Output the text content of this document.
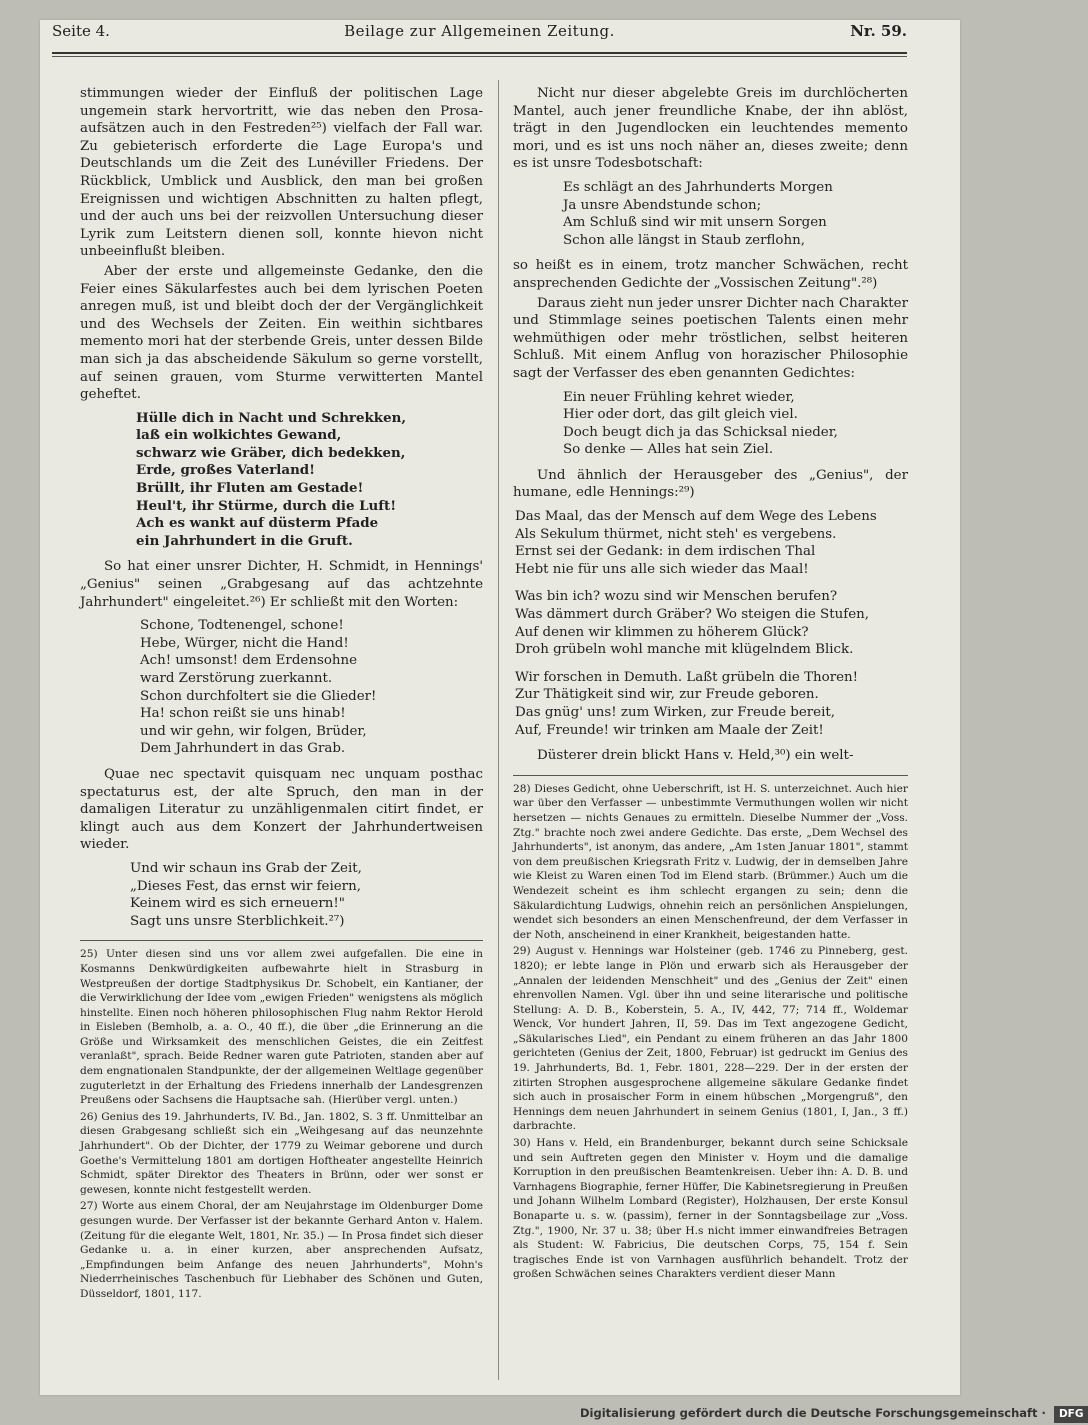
Seite 4.	Beilage zur Allgemeinen Zeitung.	Nr. 59.

stimmungen wieder der Einfluß der politischen Lage ungemein stark hervortritt, wie das neben den Prosa-aufsätzen auch in den Festreden²⁵) vielfach der Fall war. Zu gebieterisch erforderte die Lage Europa's und Deutschlands um die Zeit des Lunéviller Friedens. Der Rückblick, Umblick und Ausblick, den man bei großen Ereignissen und wichtigen Abschnitten zu halten pflegt, und der auch uns bei der reizvollen Untersuchung dieser Lyrik zum Leitstern dienen soll, konnte hievon nicht unbeeinflußt bleiben.

Aber der erste und allgemeinste Gedanke, den die Feier eines Säkularfestes auch bei dem lyrischen Poeten anregen muß, ist und bleibt doch der der Vergänglichkeit und des Wechsels der Zeiten. Ein weithin sichtbares memento mori hat der sterbende Greis, unter dessen Bilde man sich ja das abscheidende Säkulum so gerne vorstellt, auf seinen grauen, vom Sturme verwitterten Mantel geheftet.

Hülle dich in Nacht und Schrekken,
laß ein wolkichtes Gewand,
schwarz wie Gräber, dich bedekken,
Erde, großes Vaterland!
Brüllt, ihr Fluten am Gestade!
Heul't, ihr Stürme, durch die Luft!
Ach es wankt auf düsterm Pfade
ein Jahrhundert in die Gruft.

So hat einer unsrer Dichter, H. Schmidt, in Hennings' „Genius" seinen „Grabgesang auf das achtzehnte Jahrhundert" eingeleitet.²⁶) Er schließt mit den Worten:

Schone, Todtenengel, schone!
Hebe, Würger, nicht die Hand!
Ach! umsonst! dem Erdensohne
ward Zerstörung zuerkannt.
Schon durchfoltert sie die Glieder!
Ha! schon reißt sie uns hinab!
und wir gehn, wir folgen, Brüder,
Dem Jahrhundert in das Grab.

Quae nec spectavit quisquam nec unquam posthac spectaturus est, der alte Spruch, den man in der damaligen Literatur zu unzähligenmalen citirt findet, er klingt auch aus dem Konzert der Jahrhundertweisen wieder.

Und wir schaun ins Grab der Zeit,
„Dieses Fest, das ernst wir feiern,
Keinem wird es sich erneuern!"
Sagt uns unsre Sterblichkeit.²⁷)

25) Unter diesen sind uns vor allem zwei aufgefallen. Die eine in Kosmanns Denkwürdigkeiten aufbewahrte hielt in Strasburg in Westpreußen der dortige Stadtphysikus Dr. Schobelt, ein Kantianer, der die Verwirklichung der Idee vom „ewigen Frieden" wenigstens als möglich hinstellte. Einen noch höheren philosophischen Flug nahm Rektor Herold in Eisleben (Bemholb, a. a. O., 40 ff.), die über „die Erinnerung an die Größe und Wirksamkeit des menschlichen Geistes, die ein Zeitfest veranlaßt", sprach. Beide Redner waren gute Patrioten, standen aber auf dem engnationalen Standpunkte, der der allgemeinen Weltlage gegenüber zuguterletzt in der Erhaltung des Friedens innerhalb der Landesgrenzen Preußens oder Sachsens die Hauptsache sah. (Hierüber vergl. unten.)

26) Genius des 19. Jahrhunderts, IV. Bd., Jan. 1802, S. 3 ff. Unmittelbar an diesen Grabgesang schließt sich ein „Weihgesang auf das neunzehnte Jahrhundert". Ob der Dichter, der 1779 zu Weimar geborene und durch Goethe's Vermittelung 1801 am dortigen Hoftheater angestellte Heinrich Schmidt, später Direktor des Theaters in Brünn, oder wer sonst er gewesen, konnte nicht festgestellt werden.

27) Worte aus einem Choral, der am Neujahrstage im Oldenburger Dome gesungen wurde. Der Verfasser ist der bekannte Gerhard Anton v. Halem. (Zeitung für die elegante Welt, 1801, Nr. 35.) — In Prosa findet sich dieser Gedanke u. a. in einer kurzen, aber ansprechenden Aufsatz, „Empfindungen beim Anfange des neuen Jahrhunderts", Mohn's Niederrheinisches Taschenbuch für Liebhaber des Schönen und Guten, Düsseldorf, 1801, 117.

Nicht nur dieser abgelebte Greis im durchlöcherten Mantel, auch jener freundliche Knabe, der ihn ablöst, trägt in den Jugendlocken ein leuchtendes memento mori, und es ist uns noch näher an, dieses zweite; denn es ist unsre Todesbotschaft:

Es schlägt an des Jahrhunderts Morgen
Ja unsre Abendstunde schon;
Am Schluß sind wir mit unsern Sorgen
Schon alle längst in Staub zerflohn,

so heißt es in einem, trotz mancher Schwächen, recht ansprechenden Gedichte der „Vossischen Zeitung".²⁸)

Daraus zieht nun jeder unsrer Dichter nach Charakter und Stimmlage seines poetischen Talents einen mehr wehmüthigen oder mehr tröstlichen, selbst heiteren Schluß. Mit einem Anflug von horazischer Philosophie sagt der Verfasser des eben genannten Gedichtes:

Ein neuer Frühling kehret wieder,
Hier oder dort, das gilt gleich viel.
Doch beugt dich ja das Schicksal nieder,
So denke — Alles hat sein Ziel.

Und ähnlich der Herausgeber des „Genius", der humane, edle Hennings:²⁹)

Das Maal, das der Mensch auf dem Wege des Lebens
Als Sekulum thürmet, nicht steh' es vergebens.
Ernst sei der Gedank: in dem irdischen Thal
Hebt nie für uns alle sich wieder das Maal!
Was bin ich? wozu sind wir Menschen berufen?
Was dämmert durch Gräber? Wo steigen die Stufen,
Auf denen wir klimmen zu höherem Glück?
Droh grübeln wohl manche mit klügelndem Blick.
Wir forschen in Demuth. Laßt grübeln die Thoren!
Zur Thätigkeit sind wir, zur Freude geboren.
Das gnüg' uns! zum Wirken, zur Freude bereit,
Auf, Freunde! wir trinken am Maale der Zeit!

Düsterer drein blickt Hans v. Held,³⁰) ein welt-

28) Dieses Gedicht, ohne Ueberschrift, ist H. S. unterzeichnet. Auch hier war über den Verfasser — unbestimmte Vermuthungen wollen wir nicht hersetzen — nichts Genaues zu ermitteln. Dieselbe Nummer der „Voss. Ztg." brachte noch zwei andere Gedichte. Das erste, „Dem Wechsel des Jahrhunderts", ist anonym, das andere, „Am 1sten Januar 1801", stammt von dem preußischen Kriegsrath Fritz v. Ludwig, der in demselben Jahre wie Kleist zu Waren einen Tod im Elend starb. (Brümmer.) Auch um die Wendezeit scheint es ihm schlecht ergangen zu sein; denn die Säkulardichtung Ludwigs, ohnehin reich an persönlichen Anspielungen, wendet sich besonders an einen Menschenfreund, der dem Verfasser in der Noth, anscheinend in einer Krankheit, beigestanden hatte.

29) August v. Hennings war Holsteiner (geb. 1746 zu Pinneberg, gest. 1820); er lebte lange in Plön und erwarb sich als Herausgeber der „Annalen der leidenden Menschheit" und des „Genius der Zeit" einen ehrenvollen Namen. Vgl. über ihn und seine literarische und politische Stellung: A. D. B., Koberstein, 5. A., IV, 442, 77; 714 ff., Woldemar Wenck, Vor hundert Jahren, II, 59. Das im Text angezogene Gedicht, „Säkularisches Lied", ein Pendant zu einem früheren an das Jahr 1800 gerichteten (Genius der Zeit, 1800, Februar) ist gedruckt im Genius des 19. Jahrhunderts, Bd. 1, Febr. 1801, 228—229. Der in der ersten der zitirten Strophen ausgesprochene allgemeine säkulare Gedanke findet sich auch in prosaischer Form in einem hübschen „Morgengruß", den Hennings dem neuen Jahrhundert in seinem Genius (1801, I, Jan., 3 ff.) darbrachte.

30) Hans v. Held, ein Brandenburger, bekannt durch seine Schicksale und sein Auftreten gegen den Minister v. Hoym und die damalige Korruption in den preußischen Beamtenkreisen. Ueber ihn: A. D. B. und Varnhagens Biographie, ferner Hüffer, Die Kabinetsregierung in Preußen und Johann Wilhelm Lombard (Register), Holzhausen, Der erste Konsul Bonaparte u. s. w. (passim), ferner in der Sonntagsbeilage zur „Voss. Ztg.", 1900, Nr. 37 u. 38; über H.s nicht immer einwandfreies Betragen als Student: W. Fabricius, Die deutschen Corps, 75, 154 f. Sein tragisches Ende ist von Varnhagen ausführlich behandelt. Trotz der großen Schwächen seines Charakters verdient dieser Mann

Digitalisierung gefördert durch die Deutsche Forschungsgemeinschaft · DFG
